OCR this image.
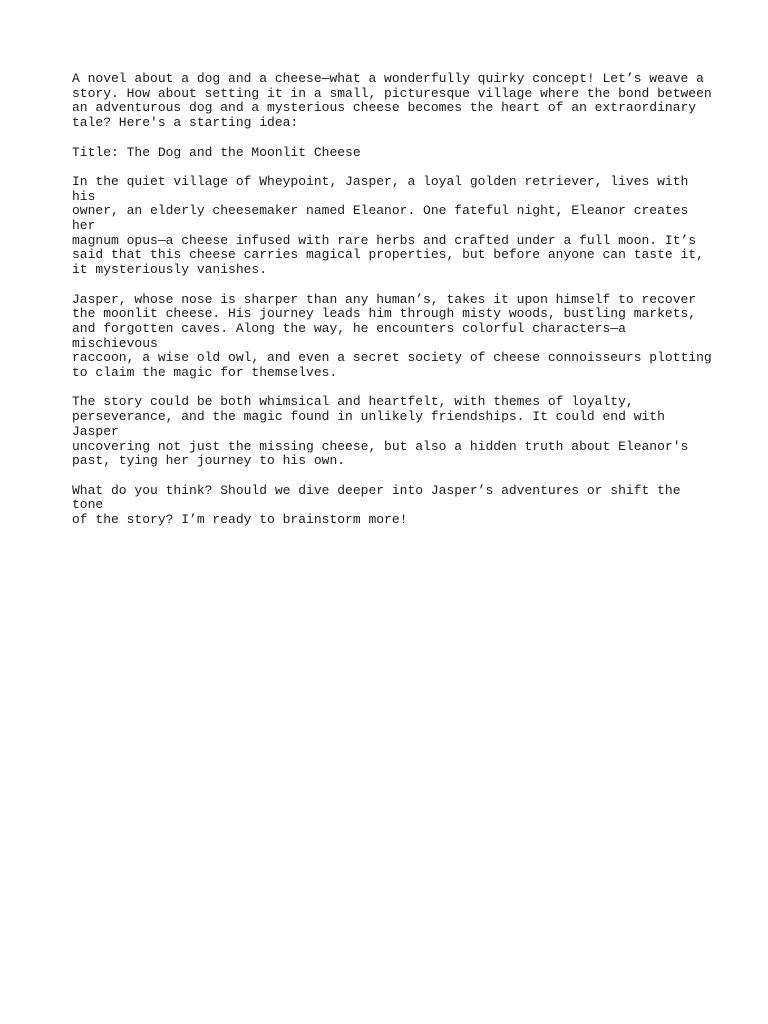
A novel about a dog and a cheese—what a wonderfully quirky concept! Let’s weave a
story. How about setting it in a small, picturesque village where the bond between
an adventurous dog and a mysterious cheese becomes the heart of an extraordinary
tale? Here's a starting idea:

Title: The Dog and the Moonlit Cheese

In the quiet village of Wheypoint, Jasper, a loyal golden retriever, lives with his
owner, an elderly cheesemaker named Eleanor. One fateful night, Eleanor creates her
magnum opus—a cheese infused with rare herbs and crafted under a full moon. It’s
said that this cheese carries magical properties, but before anyone can taste it,
it mysteriously vanishes.

Jasper, whose nose is sharper than any human’s, takes it upon himself to recover
the moonlit cheese. His journey leads him through misty woods, bustling markets,
and forgotten caves. Along the way, he encounters colorful characters—a mischievous
raccoon, a wise old owl, and even a secret society of cheese connoisseurs plotting
to claim the magic for themselves.

The story could be both whimsical and heartfelt, with themes of loyalty,
perseverance, and the magic found in unlikely friendships. It could end with Jasper
uncovering not just the missing cheese, but also a hidden truth about Eleanor's
past, tying her journey to his own.

What do you think? Should we dive deeper into Jasper’s adventures or shift the tone
of the story? I’m ready to brainstorm more!
